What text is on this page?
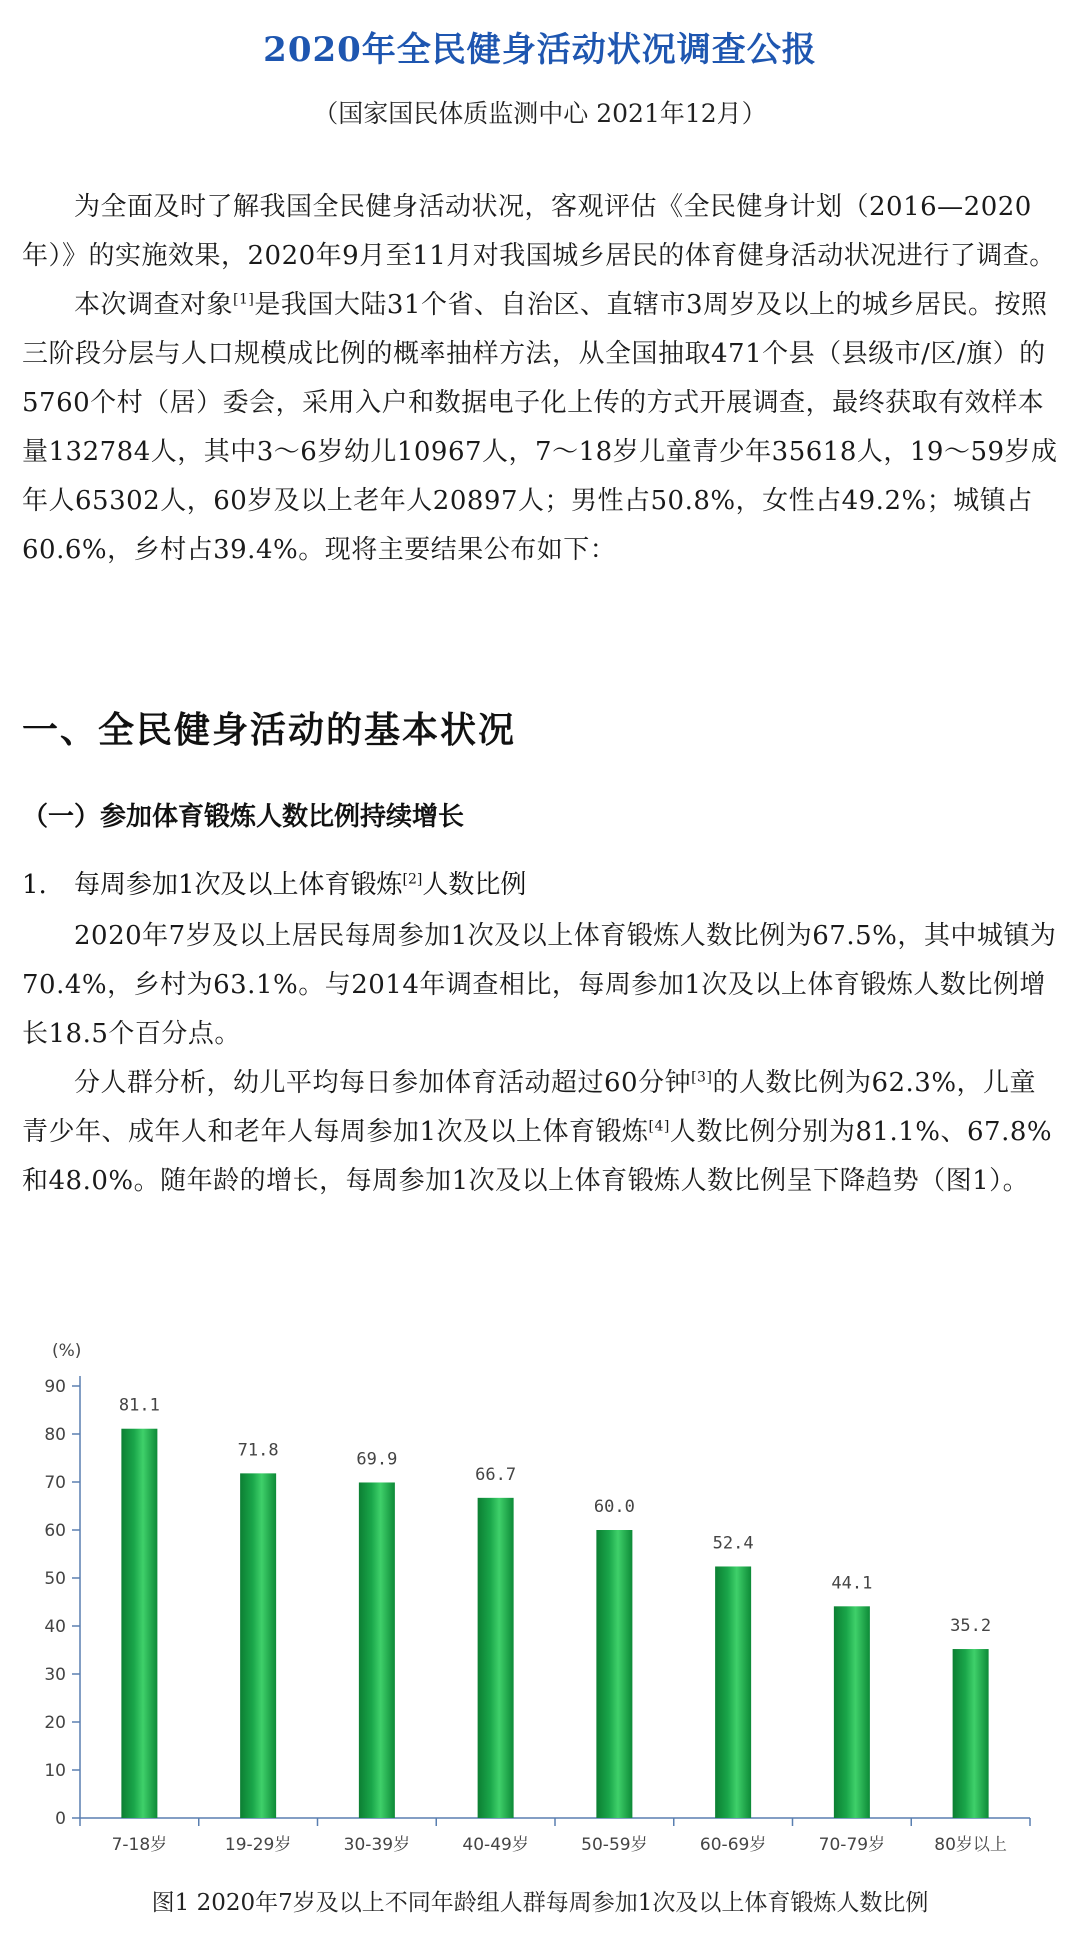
2020年全民健身活动状况调查公报
（国家国民体质监测中心 2021年12月）

为全面及时了解我国全民健身活动状况，客观评估《全民健身计划（2016—2020年）》的实施效果，2020年9月至11月对我国城乡居民的体育健身活动状况进行了调查。

本次调查对象[1]是我国大陆31个省、自治区、直辖市3周岁及以上的城乡居民。按照三阶段分层与人口规模成比例的概率抽样方法，从全国抽取471个县（县级市/区/旗）的5760个村（居）委会，采用入户和数据电子化上传的方式开展调查，最终获取有效样本量132784人，其中3～6岁幼儿10967人，7～18岁儿童青少年35618人，19～59岁成年人65302人，60岁及以上老年人20897人；男性占50.8%，女性占49.2%；城镇占60.6%，乡村占39.4%。现将主要结果公布如下：

一、全民健身活动的基本状况
（一）参加体育锻炼人数比例持续增长
1. 每周参加1次及以上体育锻炼[2]人数比例

2020年7岁及以上居民每周参加1次及以上体育锻炼人数比例为67.5%，其中城镇为70.4%，乡村为63.1%。与2014年调查相比，每周参加1次及以上体育锻炼人数比例增长18.5个百分点。

分人群分析，幼儿平均每日参加体育活动超过60分钟[3]的人数比例为62.3%，儿童青少年、成年人和老年人每周参加1次及以上体育锻炼[4]人数比例分别为81.1%、67.8%和48.0%。随年龄的增长，每周参加1次及以上体育锻炼人数比例呈下降趋势（图1）。

(%)
0
10
20
30
40
50
60
70
80
90
81.1
7-18岁
71.8
19-29岁
69.9
30-39岁
66.7
40-49岁
60.0
50-59岁
52.4
60-69岁
44.1
70-79岁
35.2
80岁以上
图1 2020年7岁及以上不同年龄组人群每周参加1次及以上体育锻炼人数比例
